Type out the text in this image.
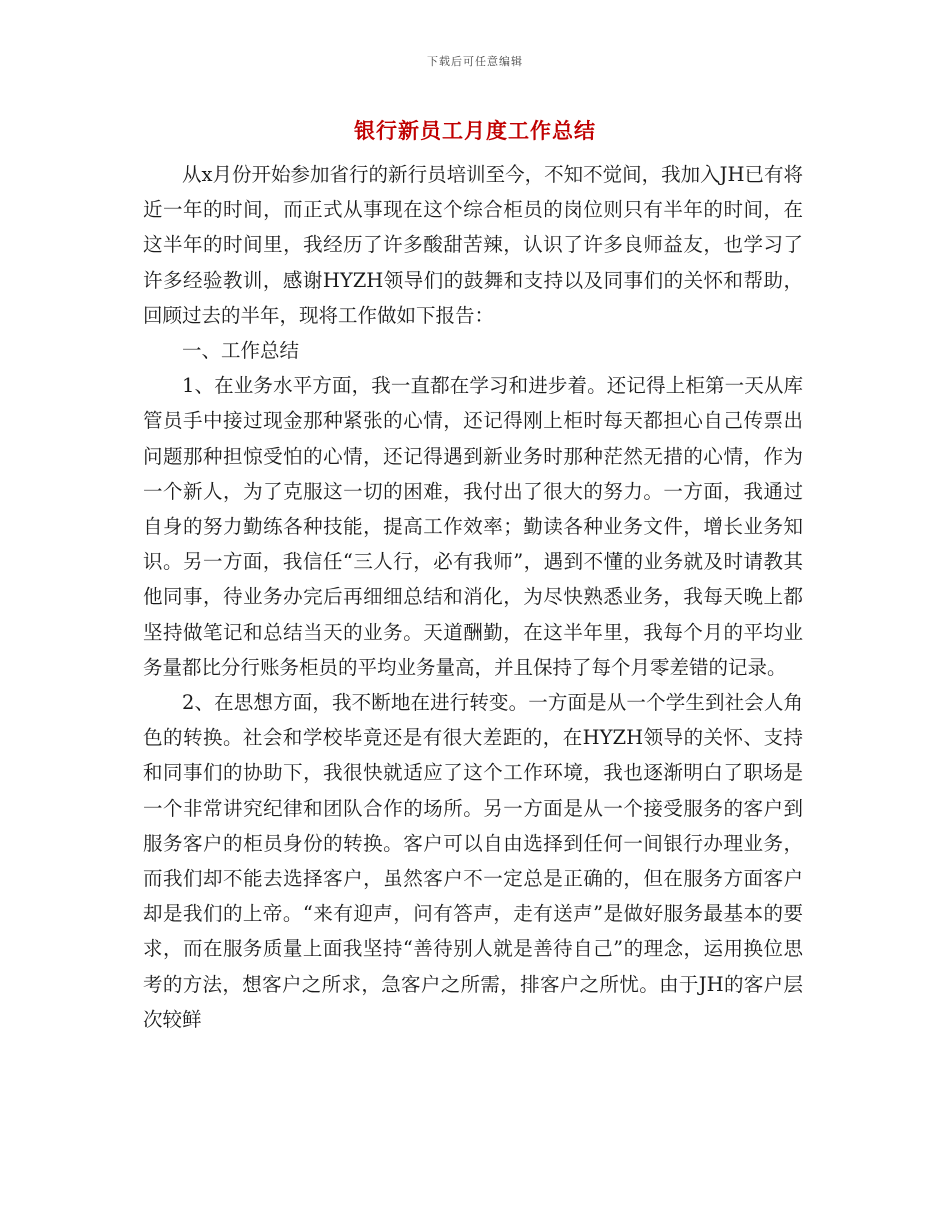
下载后可任意编辑
银行新员工月度工作总结

从x月份开始参加省行的新行员培训至今，不知不觉间，我加入JH已有将近一年的时间，而正式从事现在这个综合柜员的岗位则只有半年的时间，在这半年的时间里，我经历了许多酸甜苦辣，认识了许多良师益友，也学习了许多经验教训，感谢HYZH领导们的鼓舞和支持以及同事们的关怀和帮助，回顾过去的半年，现将工作做如下报告：

一、工作总结

1、在业务水平方面，我一直都在学习和进步着。还记得上柜第一天从库管员手中接过现金那种紧张的心情，还记得刚上柜时每天都担心自己传票出问题那种担惊受怕的心情，还记得遇到新业务时那种茫然无措的心情，作为一个新人，为了克服这一切的困难，我付出了很大的努力。一方面，我通过自身的努力勤练各种技能，提高工作效率；勤读各种业务文件，增长业务知识。另一方面，我信任“三人行，必有我师”，遇到不懂的业务就及时请教其他同事，待业务办完后再细细总结和消化，为尽快熟悉业务，我每天晚上都坚持做笔记和总结当天的业务。天道酬勤，在这半年里，我每个月的平均业务量都比分行账务柜员的平均业务量高，并且保持了每个月零差错的记录。

2、在思想方面，我不断地在进行转变。一方面是从一个学生到社会人角色的转换。社会和学校毕竟还是有很大差距的，在HYZH领导的关怀、支持和同事们的协助下，我很快就适应了这个工作环境，我也逐渐明白了职场是一个非常讲究纪律和团队合作的场所。另一方面是从一个接受服务的客户到服务客户的柜员身份的转换。客户可以自由选择到任何一间银行办理业务，而我们却不能去选择客户，虽然客户不一定总是正确的，但在服务方面客户却是我们的上帝。“来有迎声，问有答声，走有送声”是做好服务最基本的要求，而在服务质量上面我坚持“善待别人就是善待自己”的理念，运用换位思考的方法，想客户之所求，急客户之所需，排客户之所忧。由于JH的客户层次较鲜
